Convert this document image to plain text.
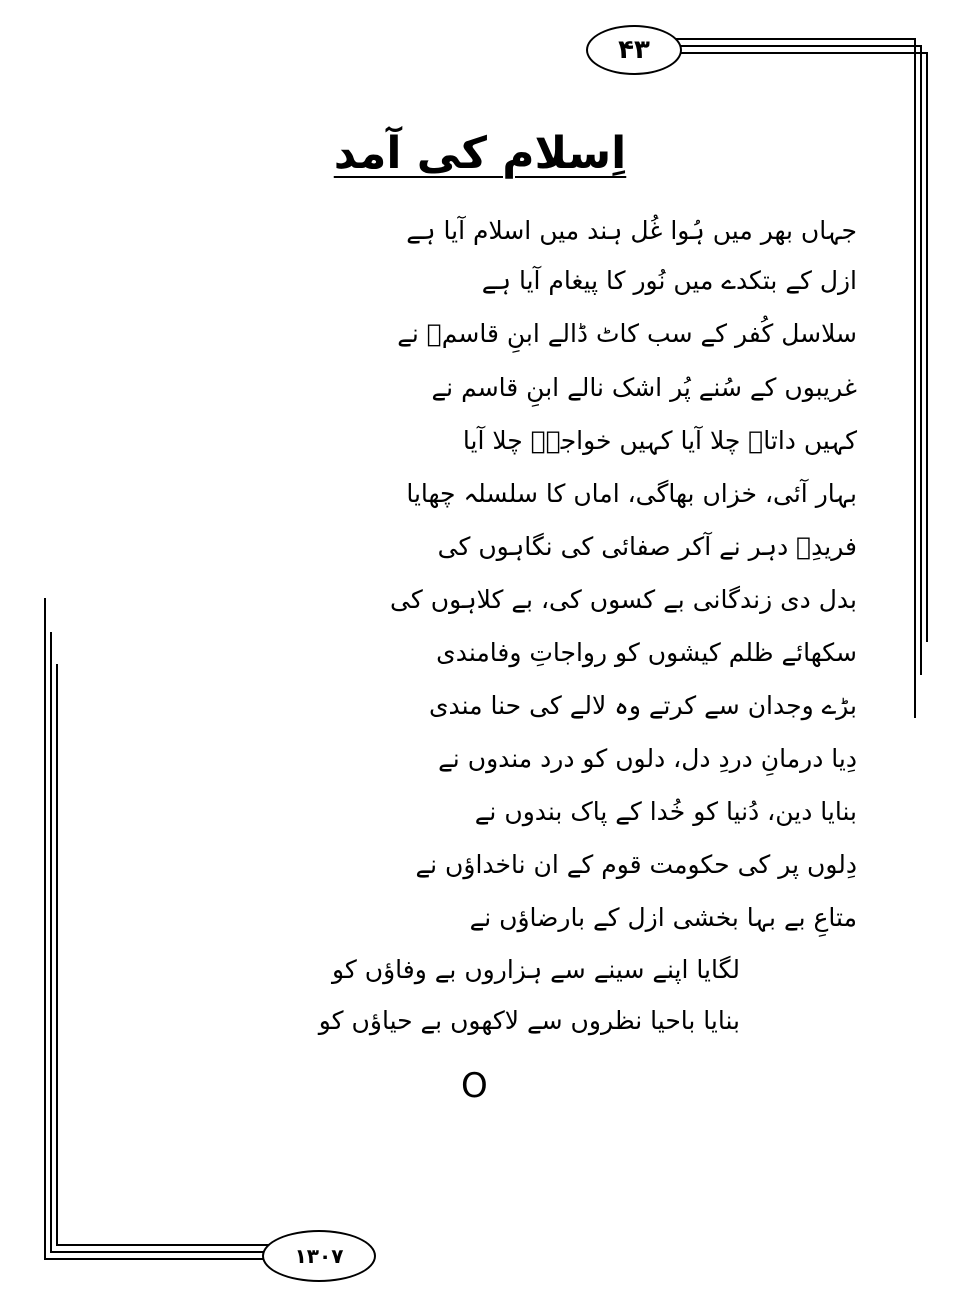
۴۳
۱۳۰۷
اِسلام کی آمد
جہاں بھر میں ہُوا غُل ہند میں اسلام آیا ہے
ازل کے بتکدے میں نُور کا پیغام آیا ہے
سلاسل کُفر کے سب کاٹ ڈالے ابنِ قاسمؒ نے
غریبوں کے سُنے پُر اشک نالے ابنِ قاسم نے
کہیں داتاؒ چلا آیا کہیں خواجہؒ چلا آیا
بہار آئی، خزاں بھاگی، اماں کا سلسلہ چھایا
فریدِؒ دہر نے آکر صفائی کی نگاہوں کی
بدل دی زندگانی بے کسوں کی، بے کلاہوں کی
سکھائے ظلم کیشوں کو رواجاتِ وفامندی
بڑے وجدان سے کرتے وہ لالے کی حنا مندی
دِیا درمانِ دردِ دل، دلوں کو درد مندوں نے
بنایا دین، دُنیا کو خُدا کے پاک بندوں نے
دِلوں پر کی حکومت قوم کے ان ناخداؤں نے
متاعِ بے بہا بخشی ازل کے بارضاؤں نے
لگایا اپنے سینے سے ہزاروں بے وفاؤں کو
بنایا باحیا نظروں سے لاکھوں بے حیاؤں کو
O
